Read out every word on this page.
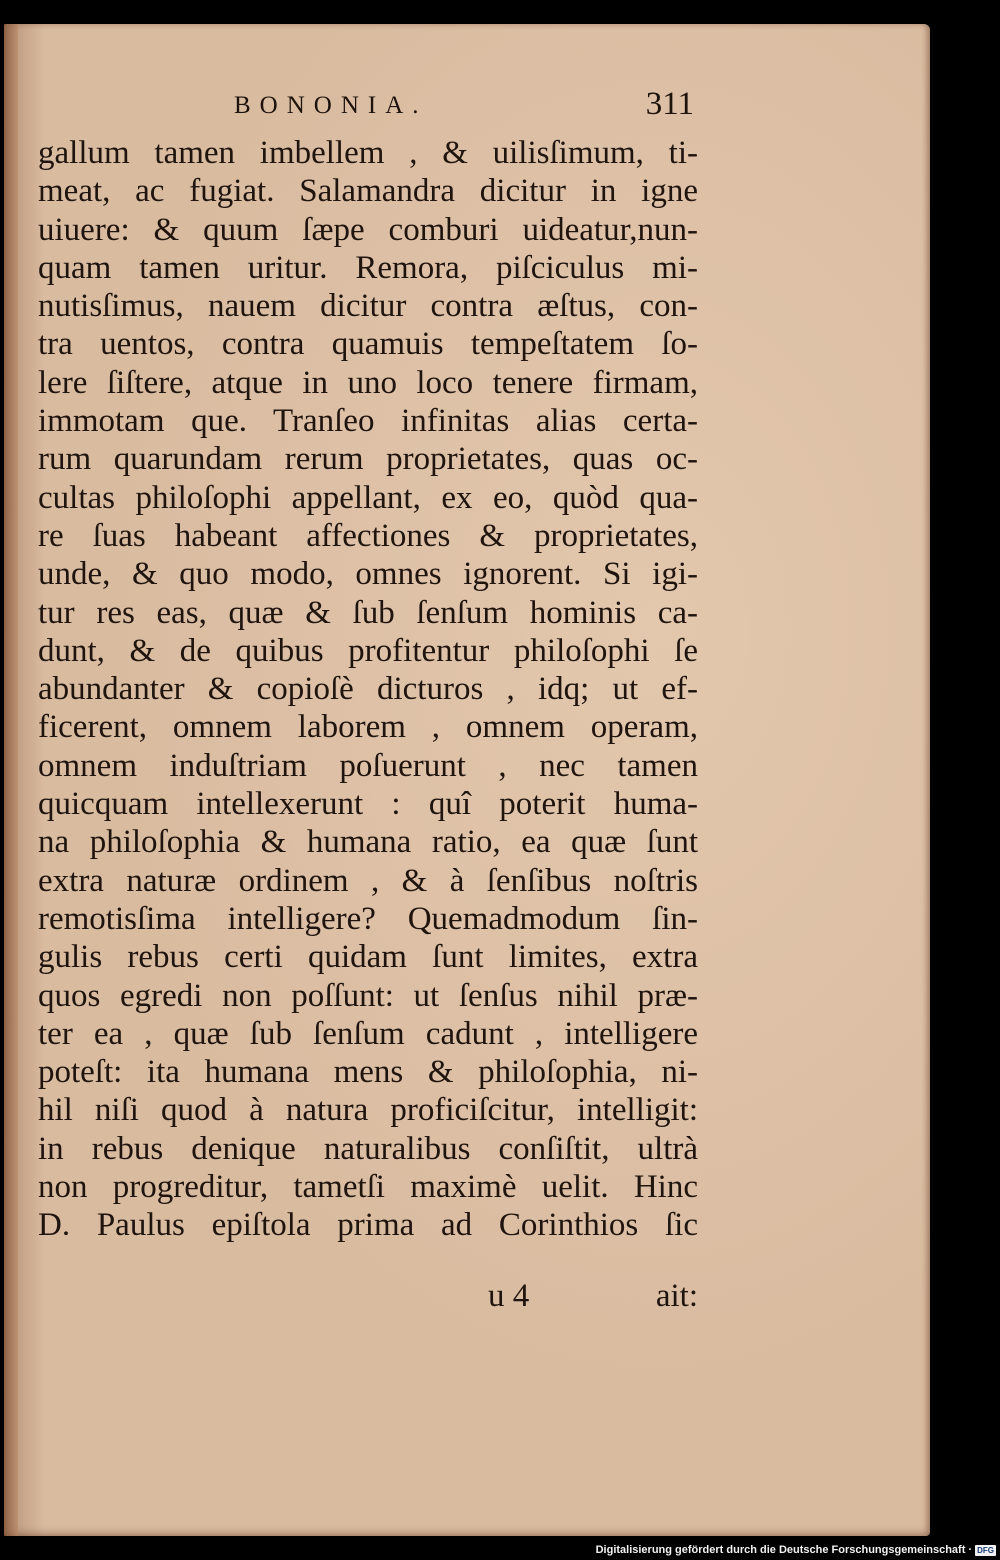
BONONIA.	311
gallum tamen imbellem , & uilisſimum, ti-
meat, ac fugiat. Salamandra dicitur in igne
uiuere: & quum ſæpe comburi uideatur,nun-
quam tamen uritur. Remora, piſciculus mi-
nutisſimus, nauem dicitur contra æſtus, con-
tra uentos, contra quamuis tempeſtatem ſo-
lere ſiſtere, atque in uno loco tenere firmam,
immotam que. Tranſeo infinitas alias certa-
rum quarundam rerum proprietates, quas oc-
cultas philoſophi appellant, ex eo, quòd qua-
re ſuas habeant affectiones & proprietates,
unde, & quo modo, omnes ignorent. Si igi-
tur res eas, quæ & ſub ſenſum hominis ca-
dunt, & de quibus profitentur philoſophi ſe
abundanter & copioſè dicturos , idq; ut ef-
ficerent, omnem laborem , omnem operam,
omnem induſtriam poſuerunt , nec tamen
quicquam intellexerunt : quî poterit huma-
na philoſophia & humana ratio, ea quæ ſunt
extra naturæ ordinem , & à ſenſibus noſtris
remotisſima intelligere? Quemadmodum ſin-
gulis rebus certi quidam ſunt limites, extra
quos egredi non poſſunt: ut ſenſus nihil præ-
ter ea , quæ ſub ſenſum cadunt , intelligere
poteſt: ita humana mens & philoſophia, ni-
hil niſi quod à natura proficiſcitur, intelligit:
in rebus denique naturalibus conſiſtit, ultrà
non progreditur, tametſi maximè uelit. Hinc
D. Paulus epiſtola prima ad Corinthios ſic
u 4	ait:
Digitalisierung gefördert durch die Deutsche Forschungsgemeinschaft · DFG
